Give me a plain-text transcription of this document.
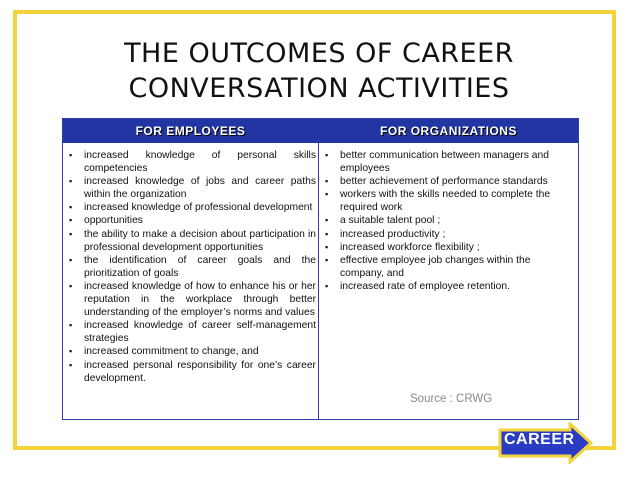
THE OUTCOMES OF CAREER
CONVERSATION ACTIVITIES
FOR EMPLOYEES	FOR ORGANIZATIONS
▪ increased knowledge of personal skills competencies
▪ increased knowledge of jobs and career paths within the organization
▪ increased knowledge of professional development
▪ opportunities
▪ the ability to make a decision about participation in professional development opportunities
▪ the identification of career goals and the prioritization of goals
▪ increased knowledge of how to enhance his or her reputation in the workplace through better understanding of the employer’s norms and values
▪ increased knowledge of career self-management strategies
▪ increased commitment to change, and
▪ increased personal responsibility for one’s career development.
▪ better communication between managers and employees
▪ better achievement of performance standards
▪ workers with the skills needed to complete the required work
▪ a suitable talent pool ;
▪ increased productivity ;
▪ increased workforce flexibility ;
▪ effective employee job changes within the company, and
▪ increased rate of employee retention.
Source : CRWG
CAREER
